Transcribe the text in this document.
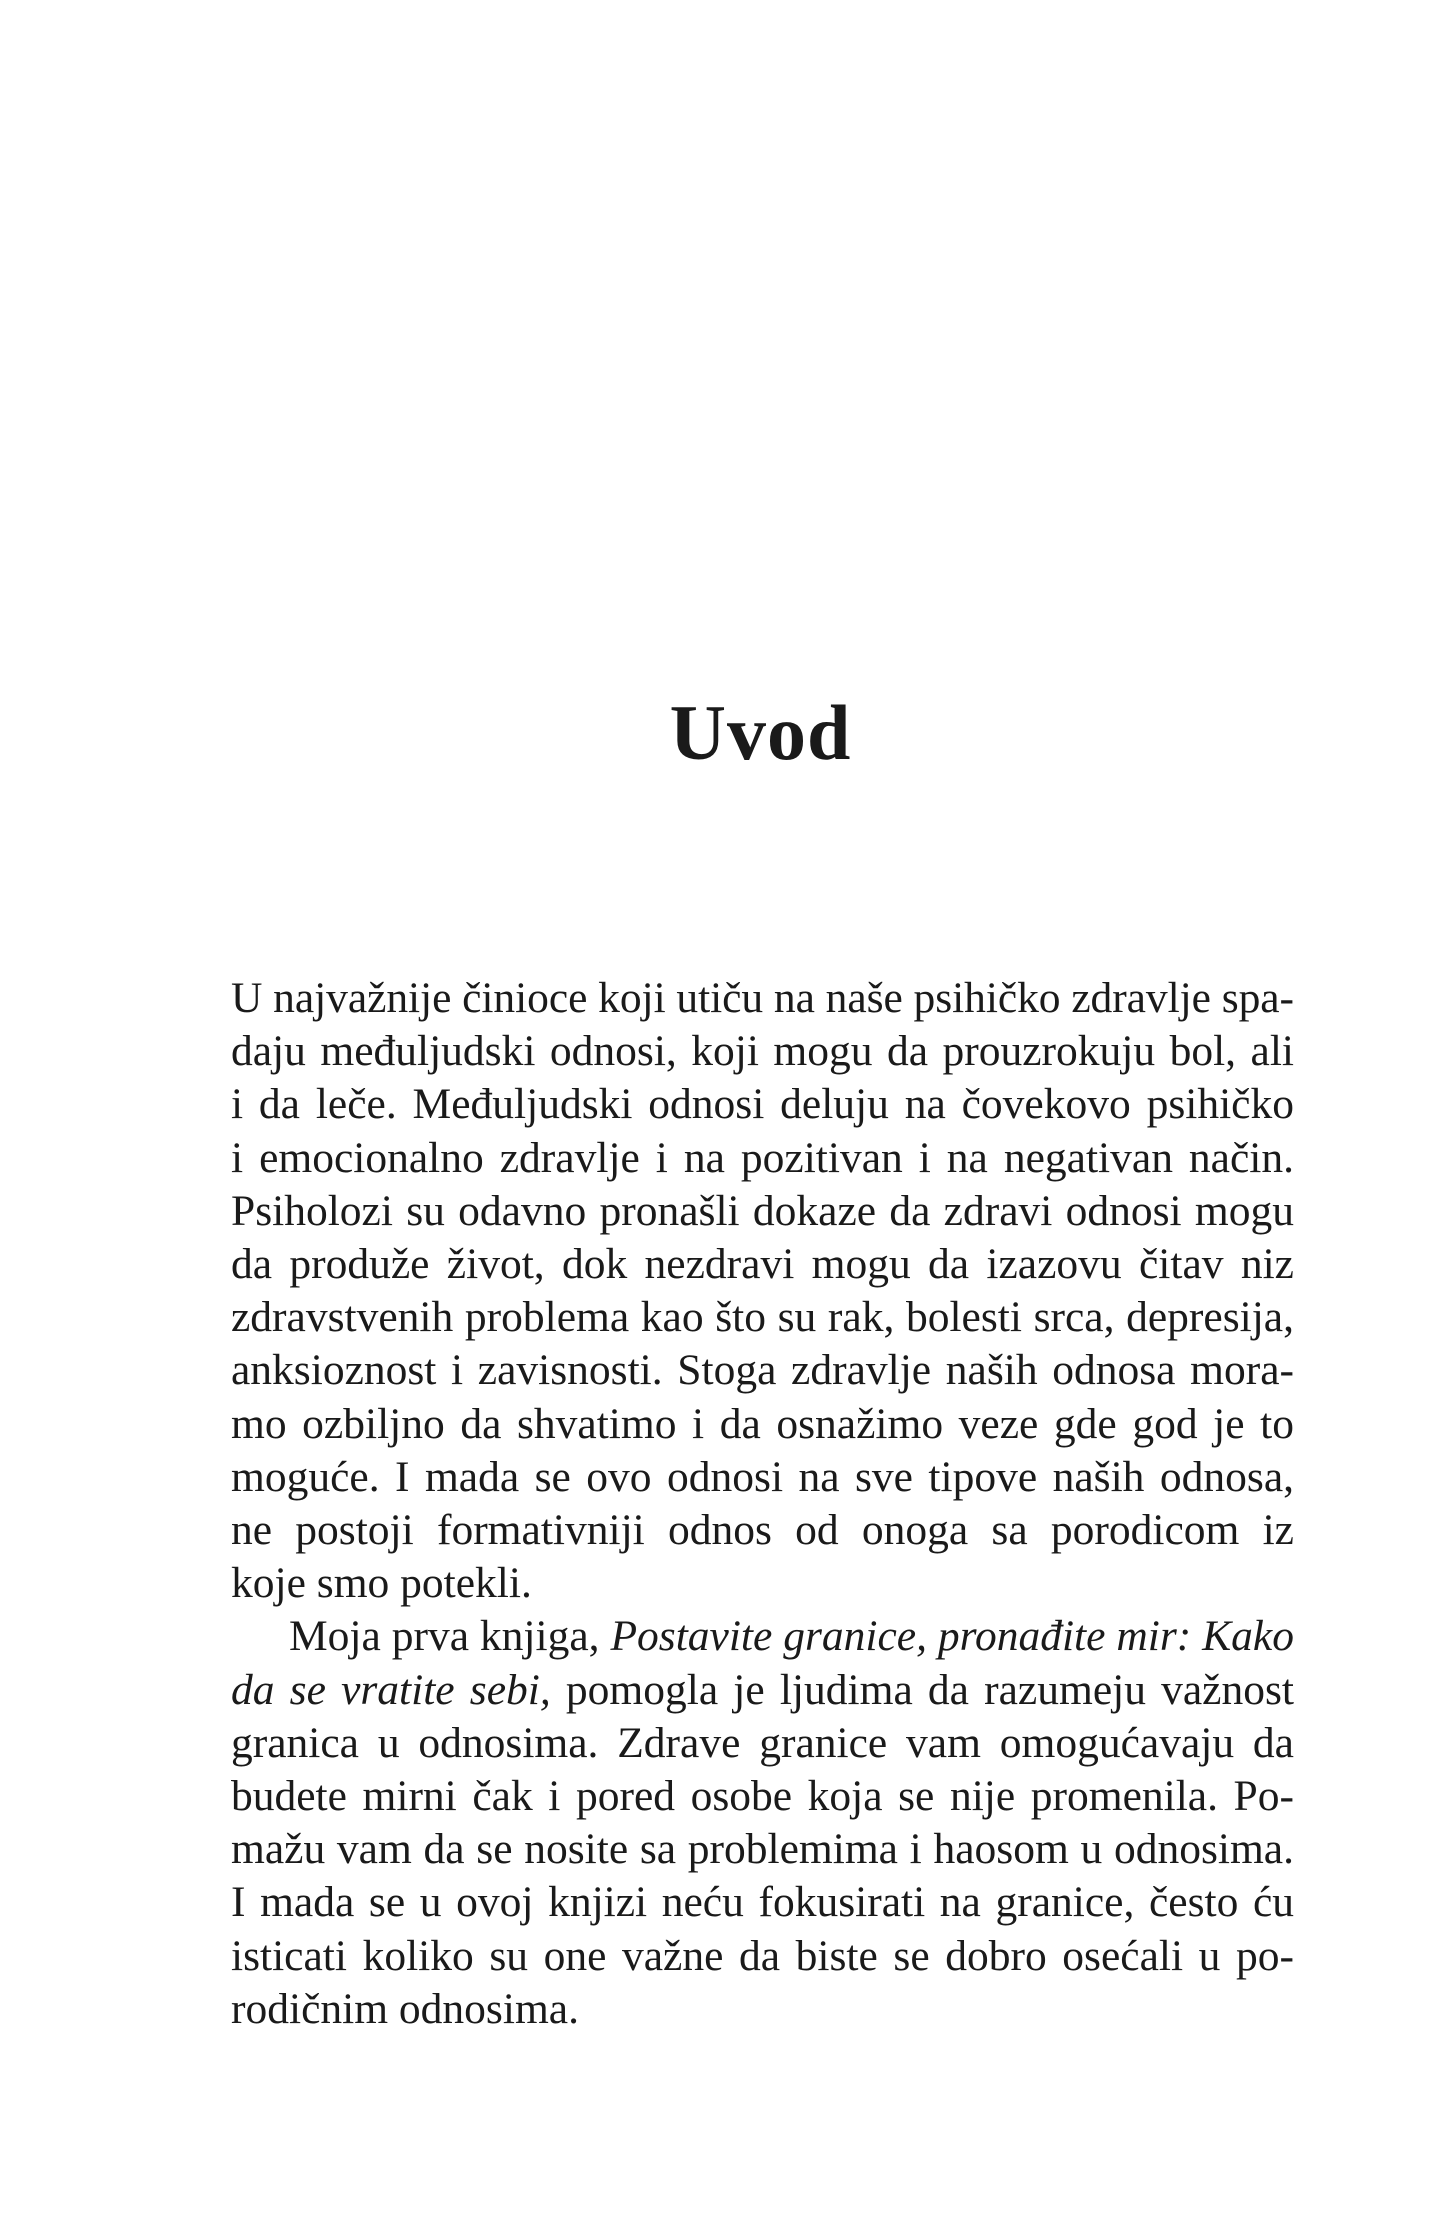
Uvod
U najvažnije činioce koji utiču na naše psihičko zdravlje spa-
daju međuljudski odnosi, koji mogu da prouzrokuju bol, ali
i da leče. Međuljudski odnosi deluju na čovekovo psihičko
i emocionalno zdravlje i na pozitivan i na negativan način.
Psiholozi su odavno pronašli dokaze da zdravi odnosi mogu
da produže život, dok nezdravi mogu da izazovu čitav niz
zdravstvenih problema kao što su rak, bolesti srca, depresija,
anksioznost i zavisnosti. Stoga zdravlje naših odnosa mora-
mo ozbiljno da shvatimo i da osnažimo veze gde god je to
moguće. I mada se ovo odnosi na sve tipove naših odnosa,
ne postoji formativniji odnos od onoga sa porodicom iz
koje smo potekli.
Moja prva knjiga, Postavite granice, pronađite mir: Kako
da se vratite sebi, pomogla je ljudima da razumeju važnost
granica u odnosima. Zdrave granice vam omogućavaju da
budete mirni čak i pored osobe koja se nije promenila. Po-
mažu vam da se nosite sa problemima i haosom u odnosima.
I mada se u ovoj knjizi neću fokusirati na granice, često ću
isticati koliko su one važne da biste se dobro osećali u po-
rodičnim odnosima.
